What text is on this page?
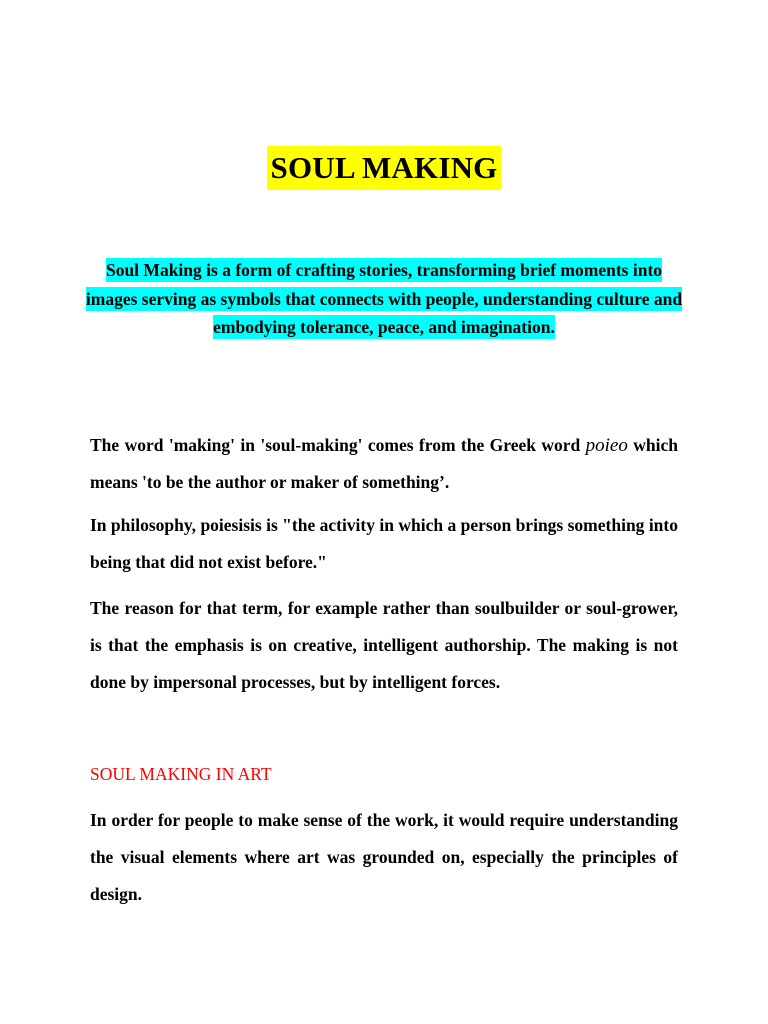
SOUL MAKING
Soul Making is a form of crafting stories, transforming brief moments into images serving as symbols that connects with people, understanding culture and embodying tolerance, peace, and imagination.

The word 'making' in 'soul-making' comes from the Greek word poieo which means 'to be the author or maker of something’.

In philosophy, poiesisis is "the activity in which a person brings something into being that did not exist before."

The reason for that term, for example rather than soulbuilder or soul-grower, is that the emphasis is on creative, intelligent authorship. The making is not done by impersonal processes, but by intelligent forces.

SOUL MAKING IN ART

In order for people to make sense of the work, it would require understanding the visual elements where art was grounded on, especially the principles of design.
